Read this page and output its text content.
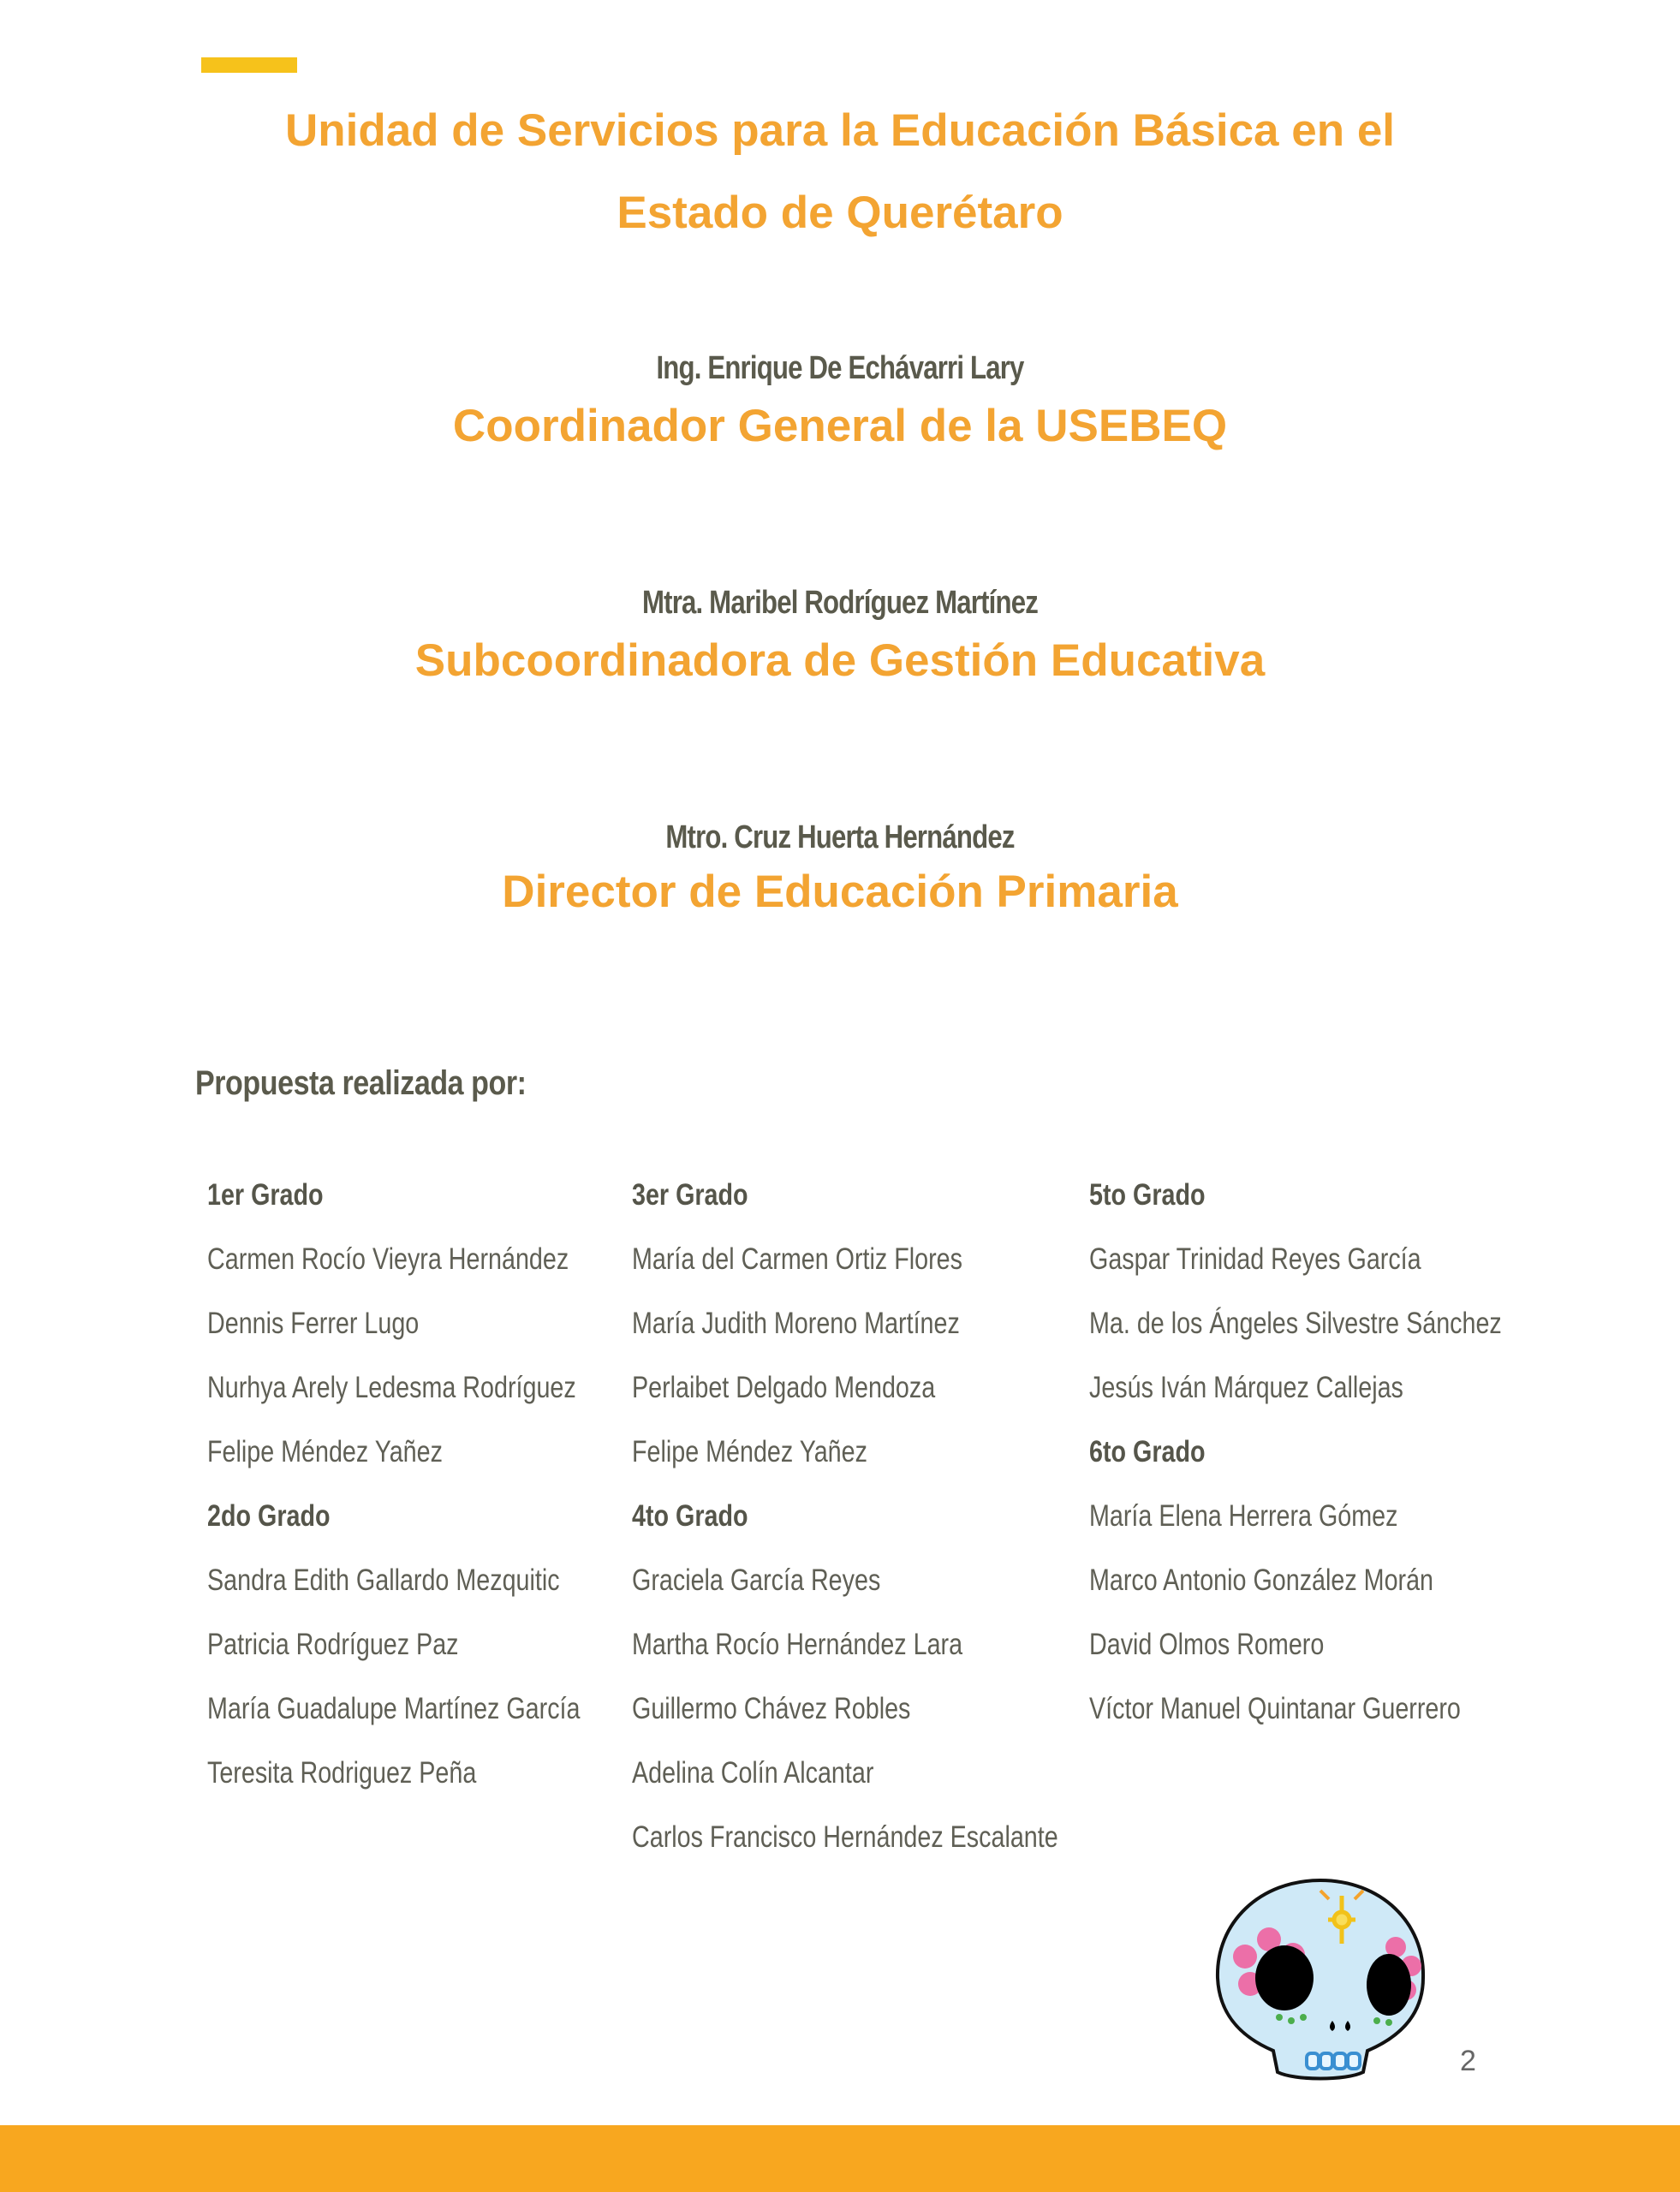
Unidad de Servicios para la Educación Básica en el
Estado de Querétaro
Ing. Enrique De Echávarri Lary
Coordinador General de la USEBEQ
Mtra. Maribel Rodríguez Martínez
Subcoordinadora de Gestión Educativa
Mtro. Cruz Huerta Hernández
Director de Educación Primaria
Propuesta realizada por:
1er Grado
Carmen Rocío Vieyra Hernández
Dennis Ferrer Lugo
Nurhya Arely Ledesma Rodríguez
Felipe Méndez Yañez
2do Grado
Sandra Edith Gallardo Mezquitic
Patricia Rodríguez Paz
María Guadalupe Martínez García
Teresita Rodriguez Peña
3er Grado
María del Carmen Ortiz Flores
María Judith Moreno Martínez
Perlaibet Delgado Mendoza
Felipe Méndez Yañez
4to Grado
Graciela García Reyes
Martha Rocío Hernández Lara
Guillermo Chávez Robles
Adelina Colín Alcantar
Carlos Francisco Hernández Escalante
5to Grado
Gaspar Trinidad Reyes García
Ma. de los Ángeles Silvestre Sánchez
Jesús Iván Márquez Callejas
6to Grado
María Elena Herrera Gómez
Marco Antonio González Morán
David Olmos Romero
Víctor Manuel Quintanar Guerrero
2
